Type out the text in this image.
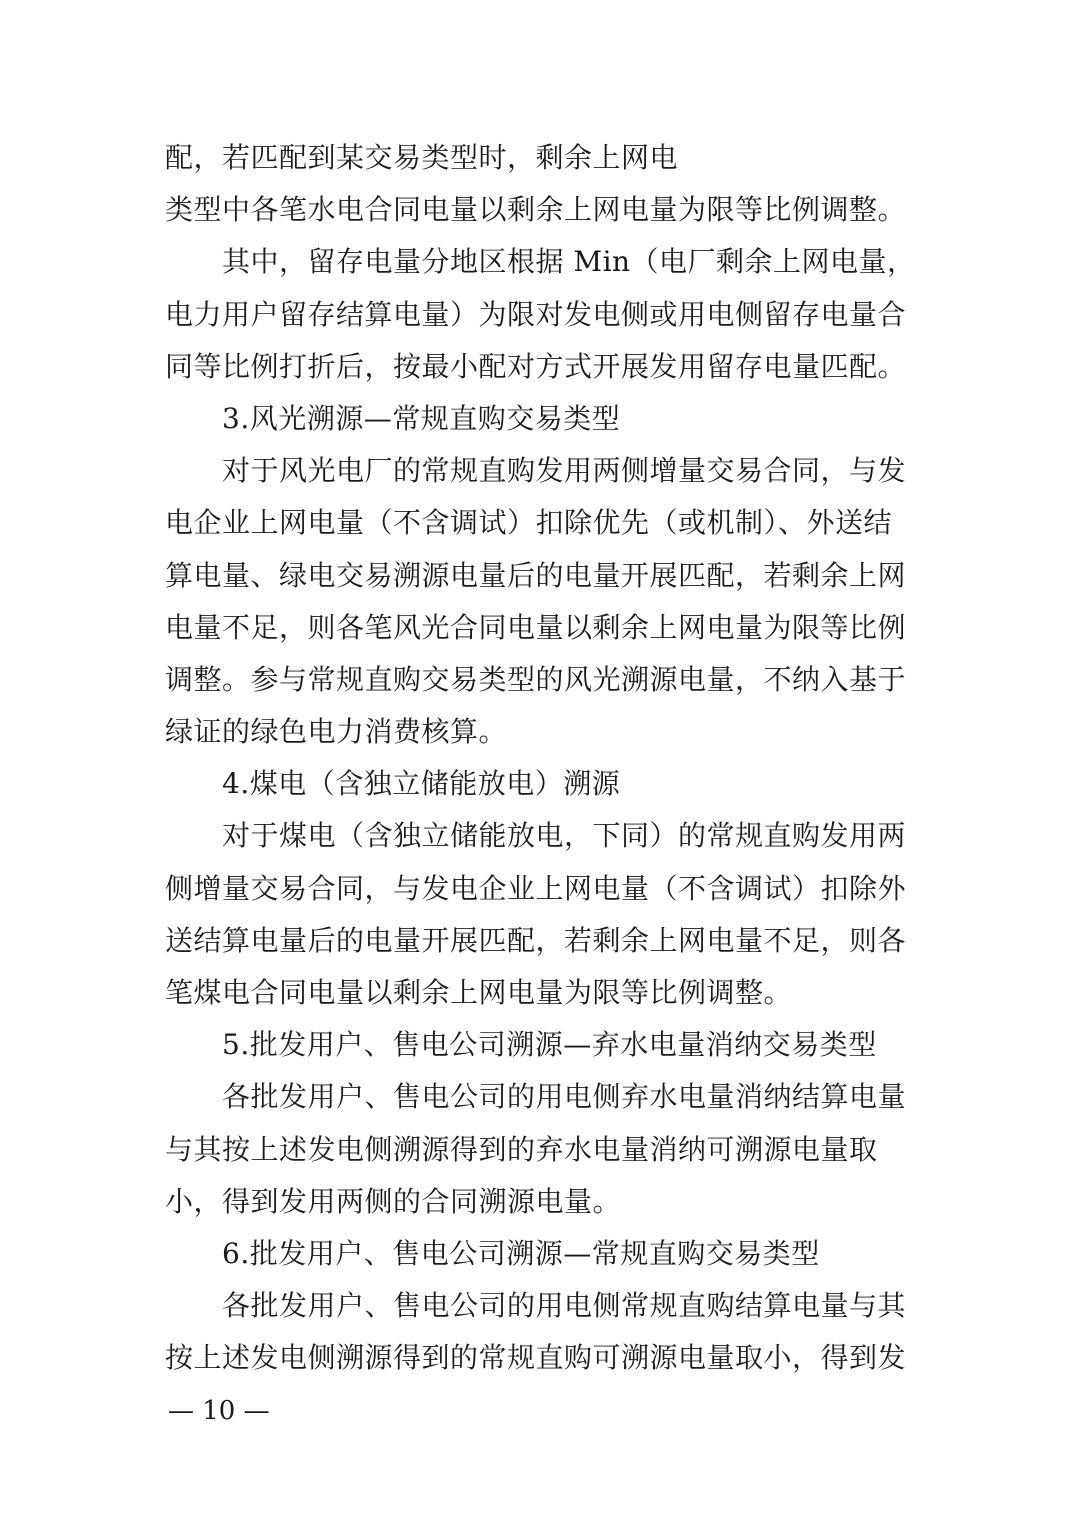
配，若匹配到某交易类型时，剩余上网电
类型中各笔水电合同电量以剩余上网电量为限等比例调整。
其中，留存电量分地区根据 Min（电厂剩余上网电量，
电力用户留存结算电量）为限对发电侧或用电侧留存电量合
同等比例打折后，按最小配对方式开展发用留存电量匹配。
3.风光溯源—常规直购交易类型
对于风光电厂的常规直购发用两侧增量交易合同，与发
电企业上网电量（不含调试）扣除优先（或机制）、外送结
算电量、绿电交易溯源电量后的电量开展匹配，若剩余上网
电量不足，则各笔风光合同电量以剩余上网电量为限等比例
调整。参与常规直购交易类型的风光溯源电量，不纳入基于
绿证的绿色电力消费核算。
4.煤电（含独立储能放电）溯源
对于煤电（含独立储能放电，下同）的常规直购发用两
侧增量交易合同，与发电企业上网电量（不含调试）扣除外
送结算电量后的电量开展匹配，若剩余上网电量不足，则各
笔煤电合同电量以剩余上网电量为限等比例调整。
5.批发用户、售电公司溯源—弃水电量消纳交易类型
各批发用户、售电公司的用电侧弃水电量消纳结算电量
与其按上述发电侧溯源得到的弃水电量消纳可溯源电量取
小，得到发用两侧的合同溯源电量。
6.批发用户、售电公司溯源—常规直购交易类型
各批发用户、售电公司的用电侧常规直购结算电量与其
按上述发电侧溯源得到的常规直购可溯源电量取小，得到发
— 10 —
